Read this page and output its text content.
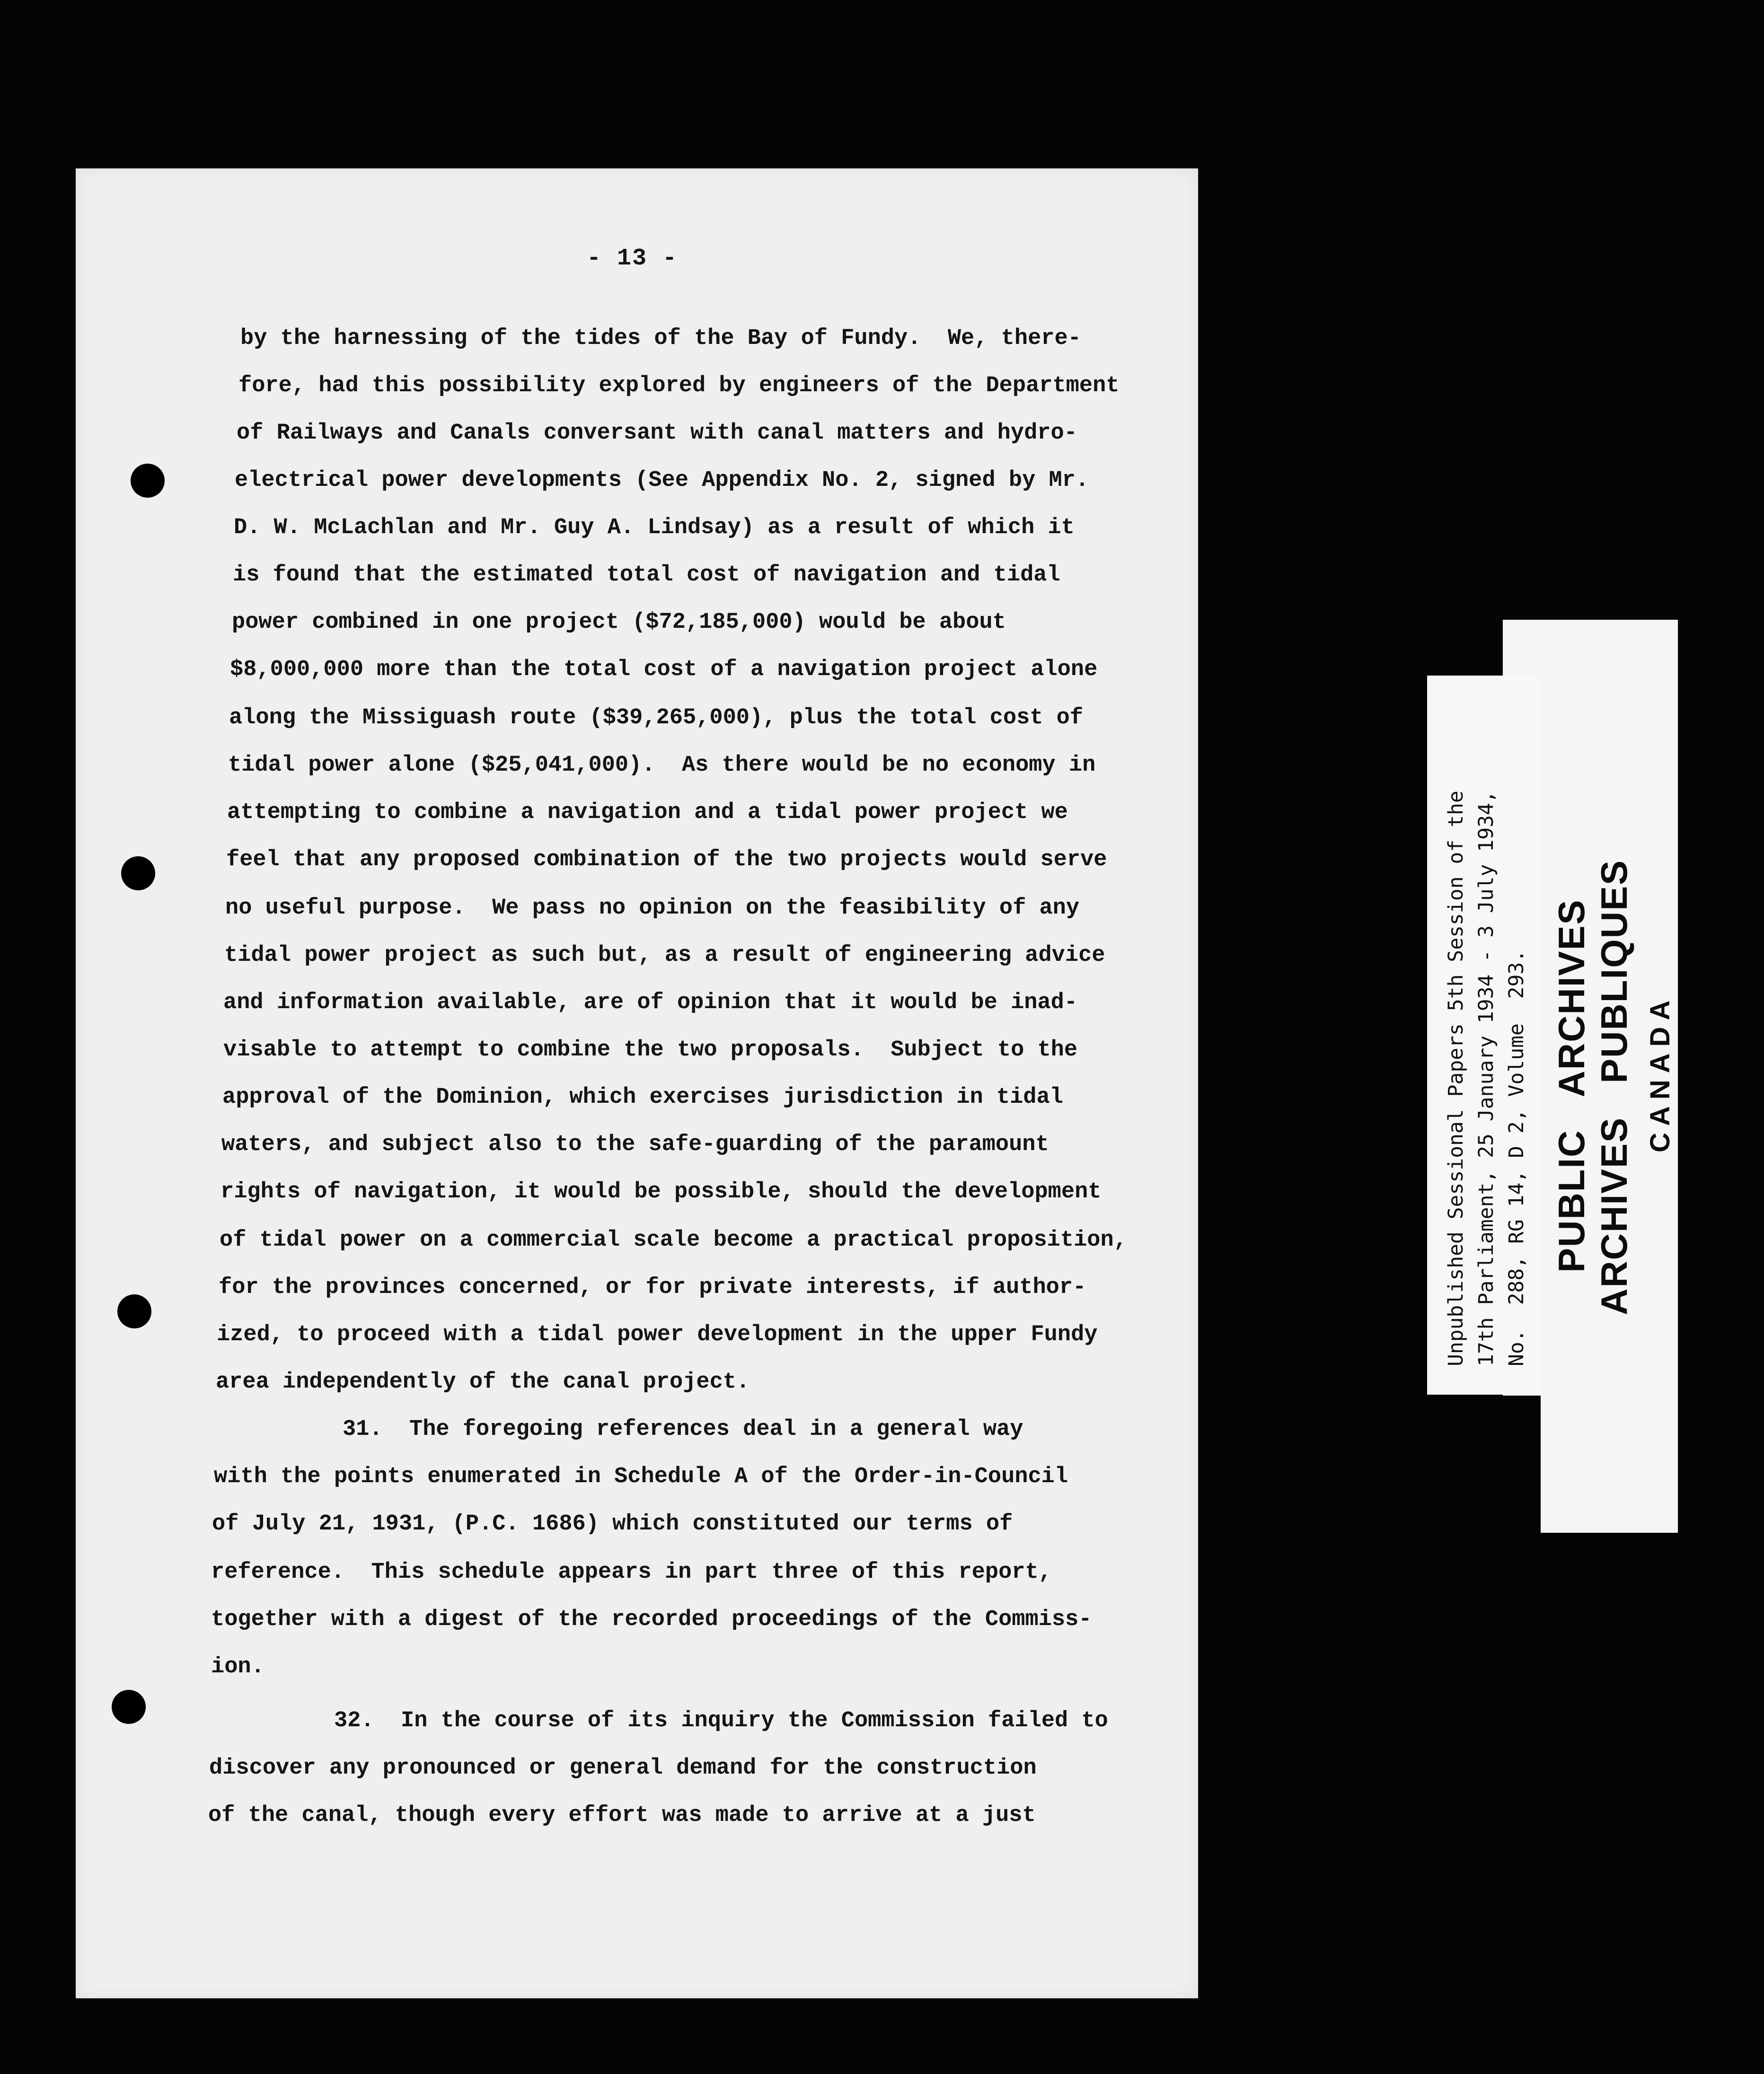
- 13 -
by the harnessing of the tides of the Bay of Fundy.  We, there-
fore, had this possibility explored by engineers of the Department
of Railways and Canals conversant with canal matters and hydro-
electrical power developments (See Appendix No. 2, signed by Mr.
D. W. McLachlan and Mr. Guy A. Lindsay) as a result of which it
is found that the estimated total cost of navigation and tidal
power combined in one project ($72,185,000) would be about
$8,000,000 more than the total cost of a navigation project alone
along the Missiguash route ($39,265,000), plus the total cost of
tidal power alone ($25,041,000).  As there would be no economy in
attempting to combine a navigation and a tidal power project we
feel that any proposed combination of the two projects would serve
no useful purpose.  We pass no opinion on the feasibility of any
tidal power project as such but, as a result of engineering advice
and information available, are of opinion that it would be inad-
visable to attempt to combine the two proposals.  Subject to the
approval of the Dominion, which exercises jurisdiction in tidal
waters, and subject also to the safe-guarding of the paramount
rights of navigation, it would be possible, should the development
of tidal power on a commercial scale become a practical proposition,
for the provinces concerned, or for private interests, if author-
ized, to proceed with a tidal power development in the upper Fundy
area independently of the canal project.
31.  The foregoing references deal in a general way
with the points enumerated in Schedule A of the Order-in-Council
of July 21, 1931, (P.C. 1686) which constituted our terms of
reference.  This schedule appears in part three of this report,
together with a digest of the recorded proceedings of the Commiss-
ion.
32.  In the course of its inquiry the Commission failed to
discover any pronounced or general demand for the construction
of the canal, though every effort was made to arrive at a just
Unpublished Sessional Papers 5th Session of the 17th Parliament, 25 January 1934 - 3 July 1934, No.  288, RG 14, D 2, Volume  293. PUBLIC   ARCHIVES ARCHIVES   PUBLIQUES CANADA
